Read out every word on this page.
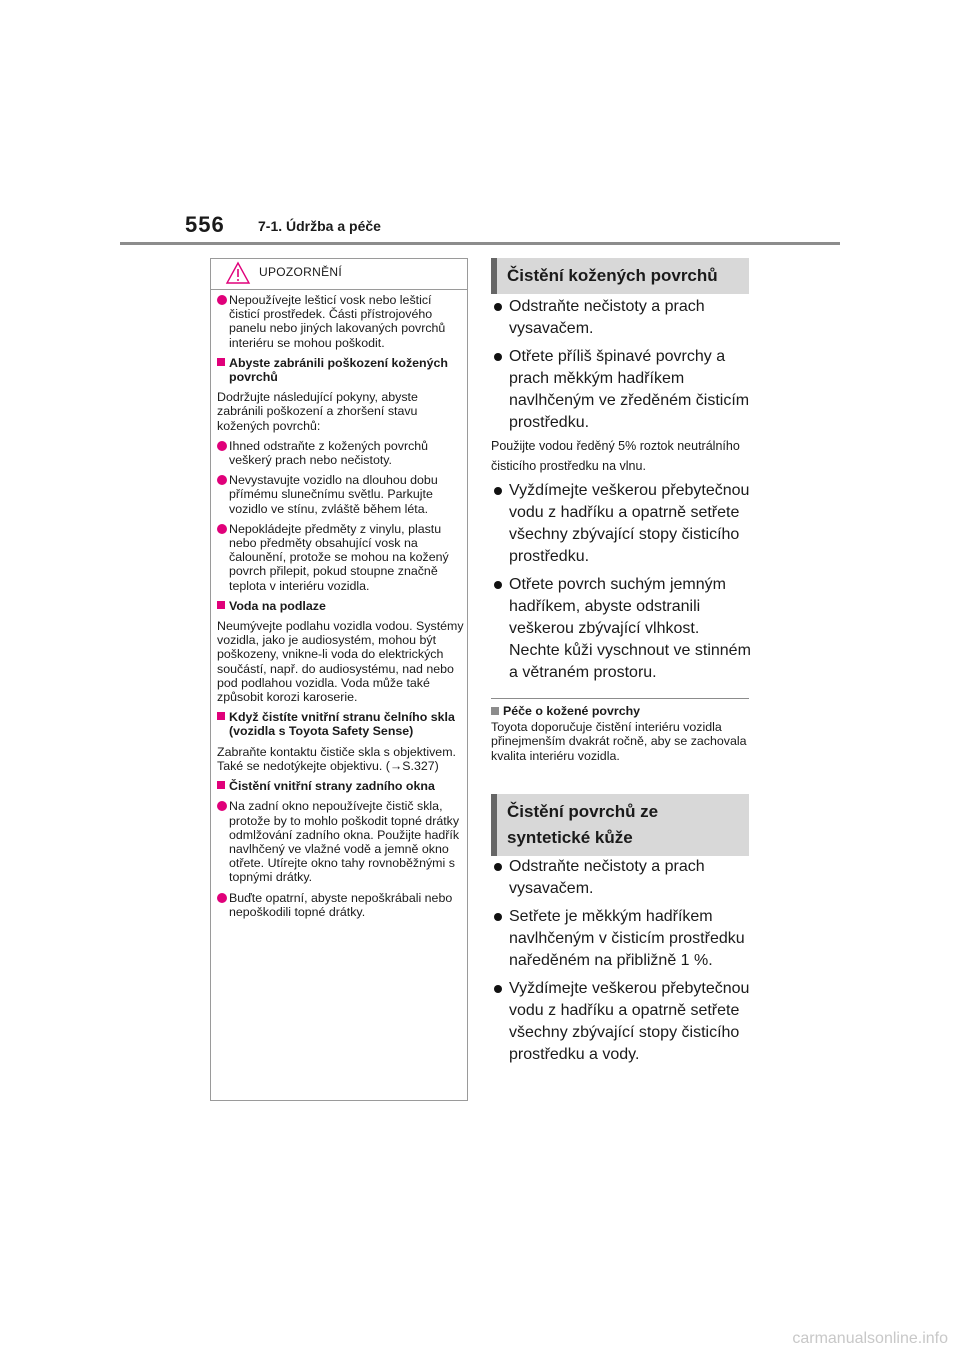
556 7-1. Údržba a péče
UPOZORNĚNÍ
Nepoužívejte lešticí vosk nebo lešticí čisticí prostředek. Části přístrojového panelu nebo jiných lakovaných povrchů interiéru se mohou poškodit.
Abyste zabránili poškození kožených povrchů
Dodržujte následující pokyny, abyste zabránili poškození a zhoršení stavu kožených povrchů:
Ihned odstraňte z kožených povrchů veškerý prach nebo nečistoty.
Nevystavujte vozidlo na dlouhou dobu přímému slunečnímu světlu. Parkujte vozidlo ve stínu, zvláště během léta.
Nepokládejte předměty z vinylu, plastu nebo předměty obsahující vosk na čalounění, protože se mohou na kožený povrch přilepit, pokud stoupne značně teplota v interiéru vozidla.
Voda na podlaze
Neumývejte podlahu vozidla vodou. Systémy vozidla, jako je audiosystém, mohou být poškozeny, vnikne-li voda do elektrických součástí, např. do audiosystému, nad nebo pod podlahou vozidla. Voda může také způsobit korozi karoserie.
Když čistíte vnitřní stranu čelního skla (vozidla s Toyota Safety Sense)
Zabraňte kontaktu čističe skla s objektivem. Také se nedotýkejte objektivu. (→S.327)
Čistění vnitřní strany zadního okna
Na zadní okno nepoužívejte čistič skla, protože by to mohlo poškodit topné drátky odmlžování zadního okna. Použijte hadřík navlhčený ve vlažné vodě a jemně okno otřete. Utírejte okno tahy rovnoběžnými s topnými drátky.
Buďte opatrní, abyste nepoškrábali nebo nepoškodili topné drátky.
Čistění kožených povrchů
Odstraňte nečistoty a prach vysavačem.
Otřete příliš špinavé povrchy a prach měkkým hadříkem navlhčeným ve zředěném čisticím prostředku.
Použijte vodou ředěný 5% roztok neutrálního čisticího prostředku na vlnu.
Vyždímejte veškerou přebytečnou vodu z hadříku a opatrně setřete všechny zbývající stopy čisticího prostředku.
Otřete povrch suchým jemným hadříkem, abyste odstranili veškerou zbývající vlhkost. Nechte kůži vyschnout ve stinném a větraném prostoru.
Péče o kožené povrchy
Toyota doporučuje čistění interiéru vozidla přinejmenším dvakrát ročně, aby se zachovala kvalita interiéru vozidla.
Čistění povrchů ze syntetické kůže
Odstraňte nečistoty a prach vysavačem.
Setřete je měkkým hadříkem navlhčeným v čisticím prostředku naředěném na přibližně 1 %.
Vyždímejte veškerou přebytečnou vodu z hadříku a opatrně setřete všechny zbývající stopy čisticího prostředku a vody.
carmanualsonline.info
